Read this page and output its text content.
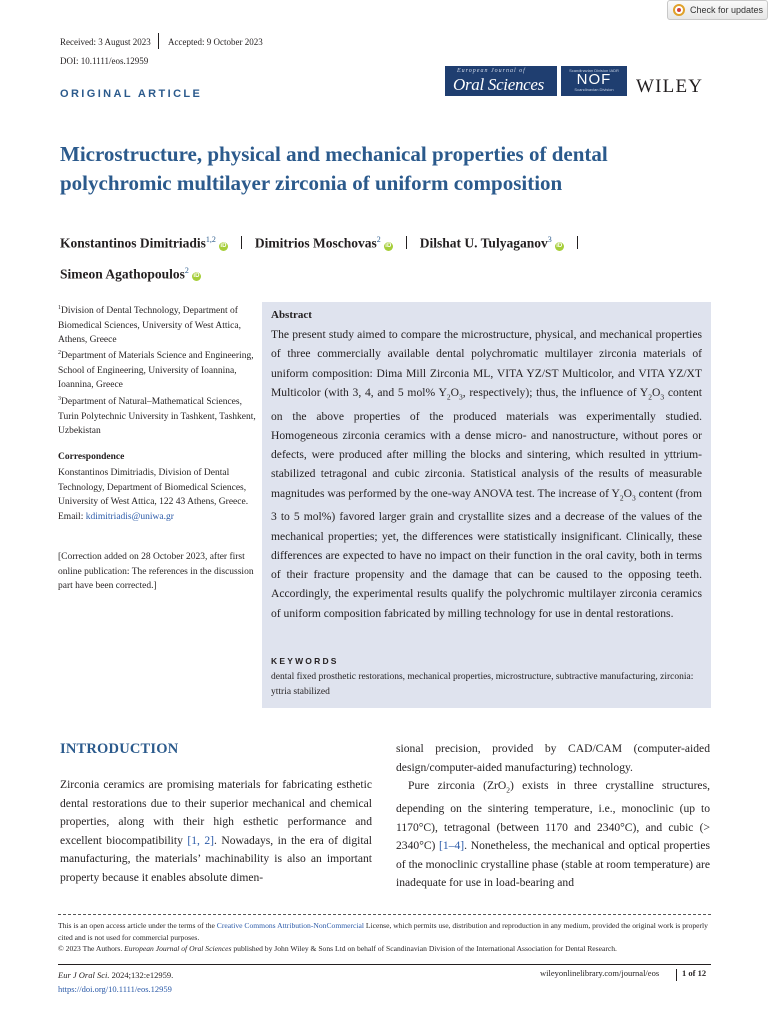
Check for updates
Received: 3 August 2023 Accepted: 9 October 2023
DOI: 10.1111/eos.12959
ORIGINAL ARTICLE
European Journal of
Oral Sciences
Scandinavian Division IADR
NOF
Scandinavian Division	WILEY
Microstructure, physical and mechanical properties of dental polychromic multilayer zirconia of uniform composition
Konstantinos Dimitriadis$^{1,2}$iD Dimitrios Moschovas$^2$iD Dilshat U. Tulyaganov$^3$iD
Simeon Agathopoulos$^2$iD
$^1$Division of Dental Technology, Department of Biomedical Sciences, University of West Attica, Athens, Greece
$^2$Department of Materials Science and Engineering, School of Engineering, University of Ioannina, Ioannina, Greece
$^3$Department of Natural–Mathematical Sciences, Turin Polytechnic University in Tashkent, Tashkent, Uzbekistan
Correspondence
Konstantinos Dimitriadis, Division of Dental Technology, Department of Biomedical Sciences, University of West Attica, 122 43 Athens, Greece.
Email: kdimitriadis@uniwa.gr
[Correction added on 28 October 2023, after first online publication: The references in the discussion part have been corrected.]
Abstract
The present study aimed to compare the microstructure, physical, and mechanical properties of three commercially available dental polychromatic multilayer zirconia materials of uniform composition: Dima Mill Zirconia ML, VITA YZ/ST Multicolor, and VITA YZ/XT Multicolor (with 3, 4, and 5 mol% $Y_2O_3$, respectively); thus, the influence of $Y_2O_3$ content on the above properties of the produced materials was experimentally studied. Homogeneous zirconia ceramics with a dense micro- and nanostructure, without pores or defects, were produced after milling the blocks and sintering, which resulted in yttrium-stabilized tetragonal and cubic zirconia. Statistical analysis of the results of measurable magnitudes was performed by the one-way ANOVA test. The increase of $Y_2O_3$ content (from 3 to 5 mol%) favored larger grain and crystallite sizes and a decrease of the values of the mechanical properties; yet, the differences were statistically insignificant. Clinically, these differences are expected to have no impact on their function in the oral cavity, both in terms of their fracture propensity and the damage that can be caused to the opposing teeth. Accordingly, the experimental results qualify the polychromic multilayer zirconia ceramics of uniform composition fabricated by milling technology for use in dental restorations.
KEYWORDS
dental fixed prosthetic restorations, mechanical properties, microstructure, subtractive manufacturing, zirconia: yttria stabilized
INTRODUCTION
Zirconia ceramics are promising materials for fabricating esthetic dental restorations due to their superior mechanical and chemical properties, along with their high esthetic performance and excellent biocompatibility [1, 2]. Nowadays, in the era of digital manufacturing, the materials’ machinability is also an important property because it enables absolute dimen-
sional precision, provided by CAD/CAM (computer-aided design/computer-aided manufacturing) technology.
Pure zirconia (ZrO$_2$) exists in three crystalline structures, depending on the sintering temperature, i.e., monoclinic (up to 1170°C), tetragonal (between 1170 and 2340°C), and cubic (> 2340°C) [1–4]. Nonetheless, the mechanical and optical properties of the monoclinic crystalline phase (stable at room temperature) are inadequate for use in load-bearing and
This is an open access article under the terms of the Creative Commons Attribution-NonCommercial License, which permits use, distribution and reproduction in any medium, provided the original work is properly cited and is not used for commercial purposes.
© 2023 The Authors. European Journal of Oral Sciences published by John Wiley & Sons Ltd on behalf of Scandinavian Division of the International Association for Dental Research.
Eur J Oral Sci. 2024;132:e12959.
https://doi.org/10.1111/eos.12959
wileyonlinelibrary.com/journal/eos	1 of 12
